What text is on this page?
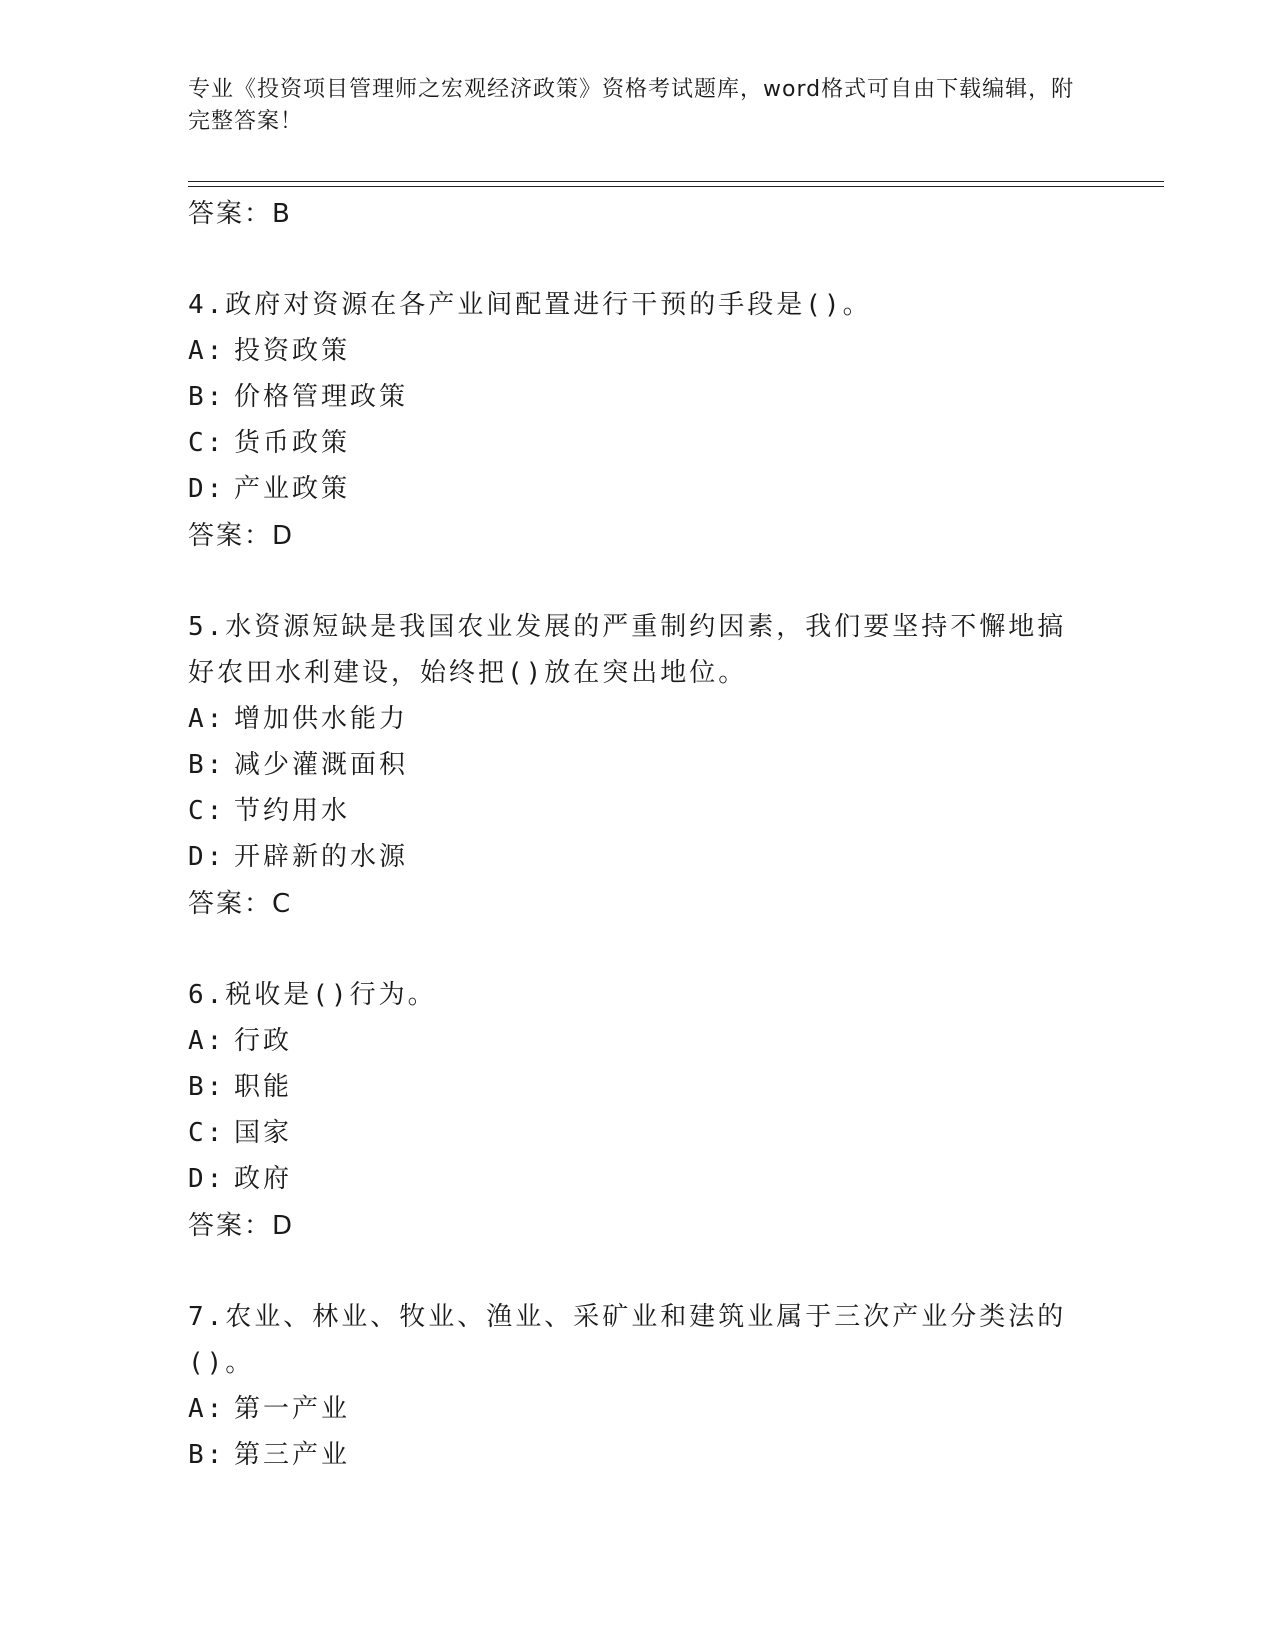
专业《投资项目管理师之宏观经济政策》资格考试题库，word格式可自由下载编辑，附完整答案！
答案：B

4.政府对资源在各产业间配置进行干预的手段是()。

A: 投资政策
B: 价格管理政策
C: 货币政策
D: 产业政策
答案：D

5.水资源短缺是我国农业发展的严重制约因素，我们要坚持不懈地搞好农田水利建设，始终把()放在突出地位。

A: 增加供水能力
B: 减少灌溉面积
C: 节约用水
D: 开辟新的水源
答案：C

6.税收是()行为。

A: 行政
B: 职能
C: 国家
D: 政府
答案：D

7.农业、林业、牧业、渔业、采矿业和建筑业属于三次产业分类法的()。

A: 第一产业
B: 第三产业
